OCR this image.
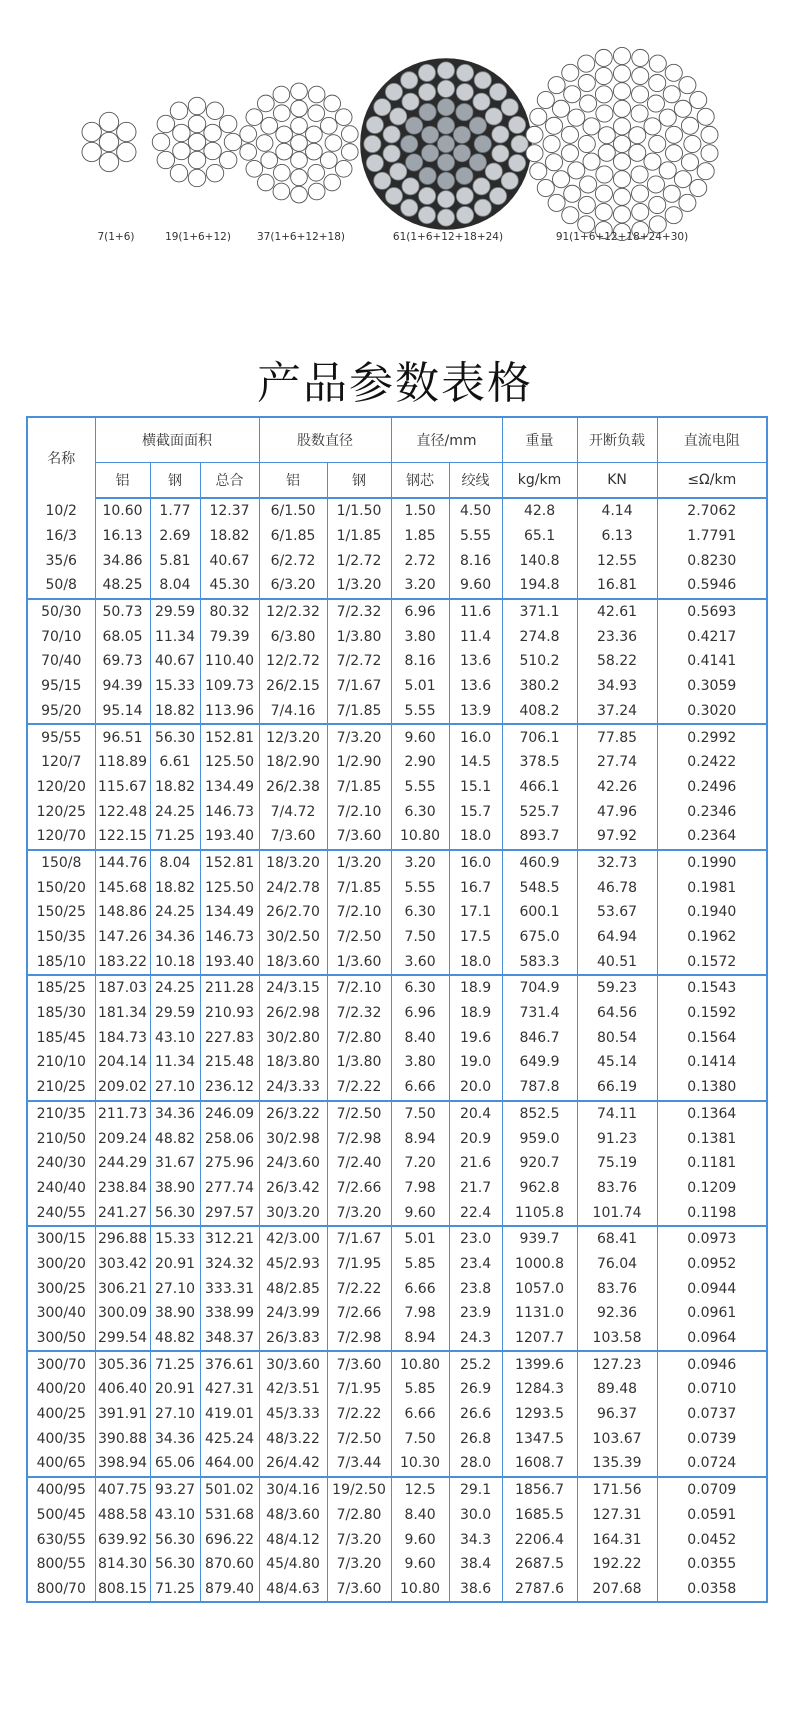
7(1+6)	19(1+6+12) 37(1+6+12+18)	61(1+6+12+18+24)	91(1+6+12+18+24+30)
产品参数表格
名称	横截面面积			股数直径		直径/mm		重量	开断负载	直流电阻
	铝	钢	总合	铝	钢	钢芯	绞线	kg/km	KN	≤Ω/km
10/2	10.60	1.77	12.37	6/1.50	1/1.50	1.50	4.50	42.8	4.14	2.7062
16/3	16.13	2.69	18.82	6/1.85	1/1.85	1.85	5.55	65.1	6.13	1.7791
35/6	34.86	5.81	40.67	6/2.72	1/2.72	2.72	8.16	140.8	12.55	0.8230
50/8	48.25	8.04	45.30	6/3.20	1/3.20	3.20	9.60	194.8	16.81	0.5946
50/30	50.73	29.59	80.32	12/2.32	7/2.32	6.96	11.6	371.1	42.61	0.5693
70/10	68.05	11.34	79.39	6/3.80	1/3.80	3.80	11.4	274.8	23.36	0.4217
70/40	69.73	40.67	110.40	12/2.72	7/2.72	8.16	13.6	510.2	58.22	0.4141
95/15	94.39	15.33	109.73	26/2.15	7/1.67	5.01	13.6	380.2	34.93	0.3059
95/20	95.14	18.82	113.96	7/4.16	7/1.85	5.55	13.9	408.2	37.24	0.3020
95/55	96.51	56.30	152.81	12/3.20	7/3.20	9.60	16.0	706.1	77.85	0.2992
120/7	118.89	6.61	125.50	18/2.90	1/2.90	2.90	14.5	378.5	27.74	0.2422
120/20	115.67	18.82	134.49	26/2.38	7/1.85	5.55	15.1	466.1	42.26	0.2496
120/25	122.48	24.25	146.73	7/4.72	7/2.10	6.30	15.7	525.7	47.96	0.2346
120/70	122.15	71.25	193.40	7/3.60	7/3.60	10.80	18.0	893.7	97.92	0.2364
150/8	144.76	8.04	152.81	18/3.20	1/3.20	3.20	16.0	460.9	32.73	0.1990
150/20	145.68	18.82	125.50	24/2.78	7/1.85	5.55	16.7	548.5	46.78	0.1981
150/25	148.86	24.25	134.49	26/2.70	7/2.10	6.30	17.1	600.1	53.67	0.1940
150/35	147.26	34.36	146.73	30/2.50	7/2.50	7.50	17.5	675.0	64.94	0.1962
185/10	183.22	10.18	193.40	18/3.60	1/3.60	3.60	18.0	583.3	40.51	0.1572
185/25	187.03	24.25	211.28	24/3.15	7/2.10	6.30	18.9	704.9	59.23	0.1543
185/30	181.34	29.59	210.93	26/2.98	7/2.32	6.96	18.9	731.4	64.56	0.1592
185/45	184.73	43.10	227.83	30/2.80	7/2.80	8.40	19.6	846.7	80.54	0.1564
210/10	204.14	11.34	215.48	18/3.80	1/3.80	3.80	19.0	649.9	45.14	0.1414
210/25	209.02	27.10	236.12	24/3.33	7/2.22	6.66	20.0	787.8	66.19	0.1380
210/35	211.73	34.36	246.09	26/3.22	7/2.50	7.50	20.4	852.5	74.11	0.1364
210/50	209.24	48.82	258.06	30/2.98	7/2.98	8.94	20.9	959.0	91.23	0.1381
240/30	244.29	31.67	275.96	24/3.60	7/2.40	7.20	21.6	920.7	75.19	0.1181
240/40	238.84	38.90	277.74	26/3.42	7/2.66	7.98	21.7	962.8	83.76	0.1209
240/55	241.27	56.30	297.57	30/3.20	7/3.20	9.60	22.4	1105.8	101.74	0.1198
300/15	296.88	15.33	312.21	42/3.00	7/1.67	5.01	23.0	939.7	68.41	0.0973
300/20	303.42	20.91	324.32	45/2.93	7/1.95	5.85	23.4	1000.8	76.04	0.0952
300/25	306.21	27.10	333.31	48/2.85	7/2.22	6.66	23.8	1057.0	83.76	0.0944
300/40	300.09	38.90	338.99	24/3.99	7/2.66	7.98	23.9	1131.0	92.36	0.0961
300/50	299.54	48.82	348.37	26/3.83	7/2.98	8.94	24.3	1207.7	103.58	0.0964
300/70	305.36	71.25	376.61	30/3.60	7/3.60	10.80	25.2	1399.6	127.23	0.0946
400/20	406.40	20.91	427.31	42/3.51	7/1.95	5.85	26.9	1284.3	89.48	0.0710
400/25	391.91	27.10	419.01	45/3.33	7/2.22	6.66	26.6	1293.5	96.37	0.0737
400/35	390.88	34.36	425.24	48/3.22	7/2.50	7.50	26.8	1347.5	103.67	0.0739
400/65	398.94	65.06	464.00	26/4.42	7/3.44	10.30	28.0	1608.7	135.39	0.0724
400/95	407.75	93.27	501.02	30/4.16	19/2.50	12.5	29.1	1856.7	171.56	0.0709
500/45	488.58	43.10	531.68	48/3.60	7/2.80	8.40	30.0	1685.5	127.31	0.0591
630/55	639.92	56.30	696.22	48/4.12	7/3.20	9.60	34.3	2206.4	164.31	0.0452
800/55	814.30	56.30	870.60	45/4.80	7/3.20	9.60	38.4	2687.5	192.22	0.0355
800/70	808.15	71.25	879.40	48/4.63	7/3.60	10.80	38.6	2787.6	207.68	0.0358
